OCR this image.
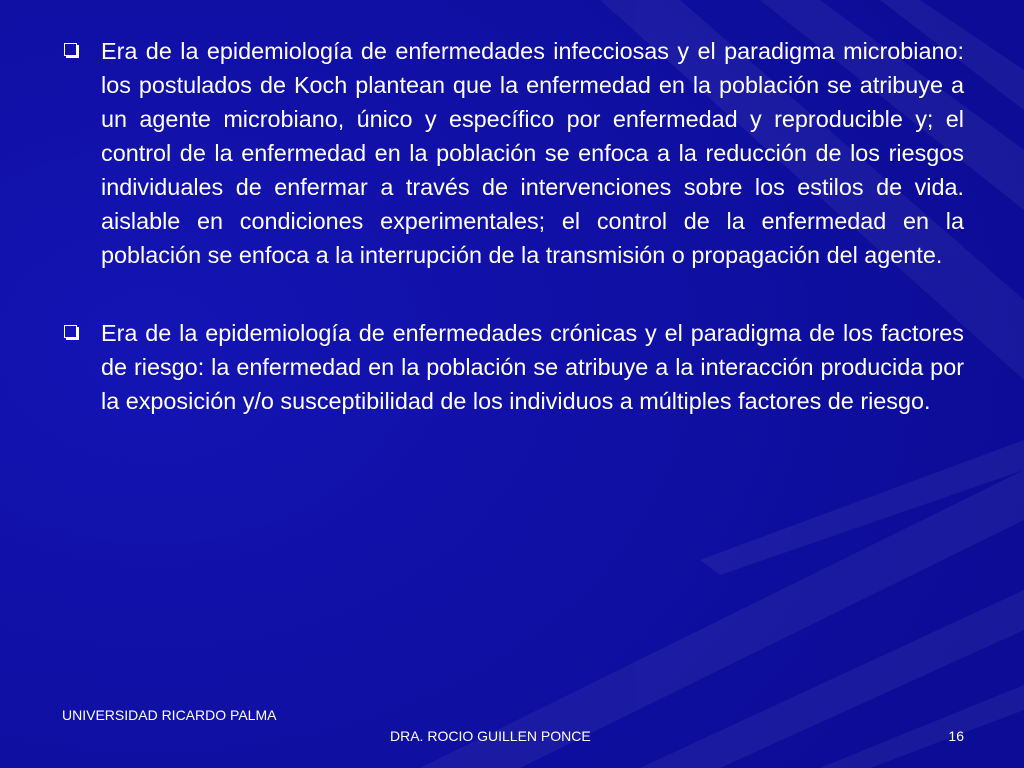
Era de la epidemiología de enfermedades infecciosas y el paradigma microbiano: los postulados de Koch plantean que la enfermedad en la población se atribuye a un agente microbiano, único y específico por enfermedad y reproducible y; el control de la enfermedad en la población se enfoca a la reducción de los riesgos individuales de enfermar a través de intervenciones sobre los estilos de vida. aislable en condiciones experimentales; el control de la enfermedad en la población se enfoca a la interrupción de la transmisión o propagación del agente.
Era de la epidemiología de enfermedades crónicas y el paradigma de los factores de riesgo: la enfermedad en la población se atribuye a la interacción producida por la exposición y/o susceptibilidad de los individuos a múltiples factores de riesgo.
UNIVERSIDAD RICARDO PALMA
DRA. ROCIO GUILLEN PONCE	16
